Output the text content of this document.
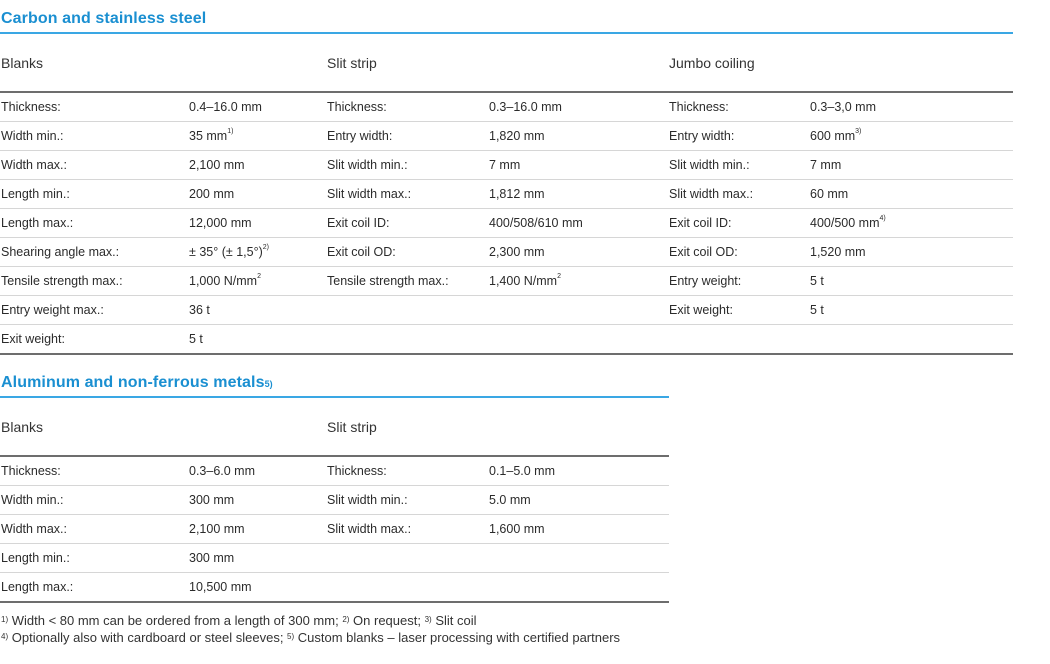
Carbon and stainless steel
Blanks		Slit strip		Jumbo coiling	
Thickness:	0.4–16.0 mm	Thickness:	0.3–16.0 mm	Thickness:	0.3–3,0 mm
Width min.:	35 $mm^{1)}$	Entry width:	1,820 mm	Entry width:	600 $mm^{3)}$
Width max.:	2,100 mm	Slit width min.:	7 mm	Slit width min.:	7 mm
Length min.:	200 mm	Slit width max.:	1,812 mm	Slit width max.:	60 mm
Length max.:	12,000 mm	Exit coil ID:	400/508/610 mm	Exit coil ID:	400/500 $mm^{4)}$
Shearing angle max.:	± 35° (± 1,5°)$^{2)}$	Exit coil OD:	2,300 mm	Exit coil OD:	1,520 mm
Tensile strength max.:	1,000 $N/mm^2$	Tensile strength max.:	1,400 $N/mm^2$	Entry weight:	5 t
Entry weight max.:	36 t			Exit weight:	5 t
Exit weight:	5 t				
Aluminum and non-ferrous metals$^{5)}$
Blanks		Slit strip	
Thickness:	0.3–6.0 mm	Thickness:	0.1–5.0 mm
Width min.:	300 mm	Slit width min.:	5.0 mm
Width max.:	2,100 mm	Slit width max.:	1,600 mm
Length min.:	300 mm		
Length max.:	10,500 mm		
$^{1)}$ Width < 80 mm can be ordered from a length of 300 mm; $^{2)}$ On request; $^{3)}$ Slit coil
$^{4)}$ Optionally also with cardboard or steel sleeves; $^{5)}$ Custom blanks – laser processing with certified partners
